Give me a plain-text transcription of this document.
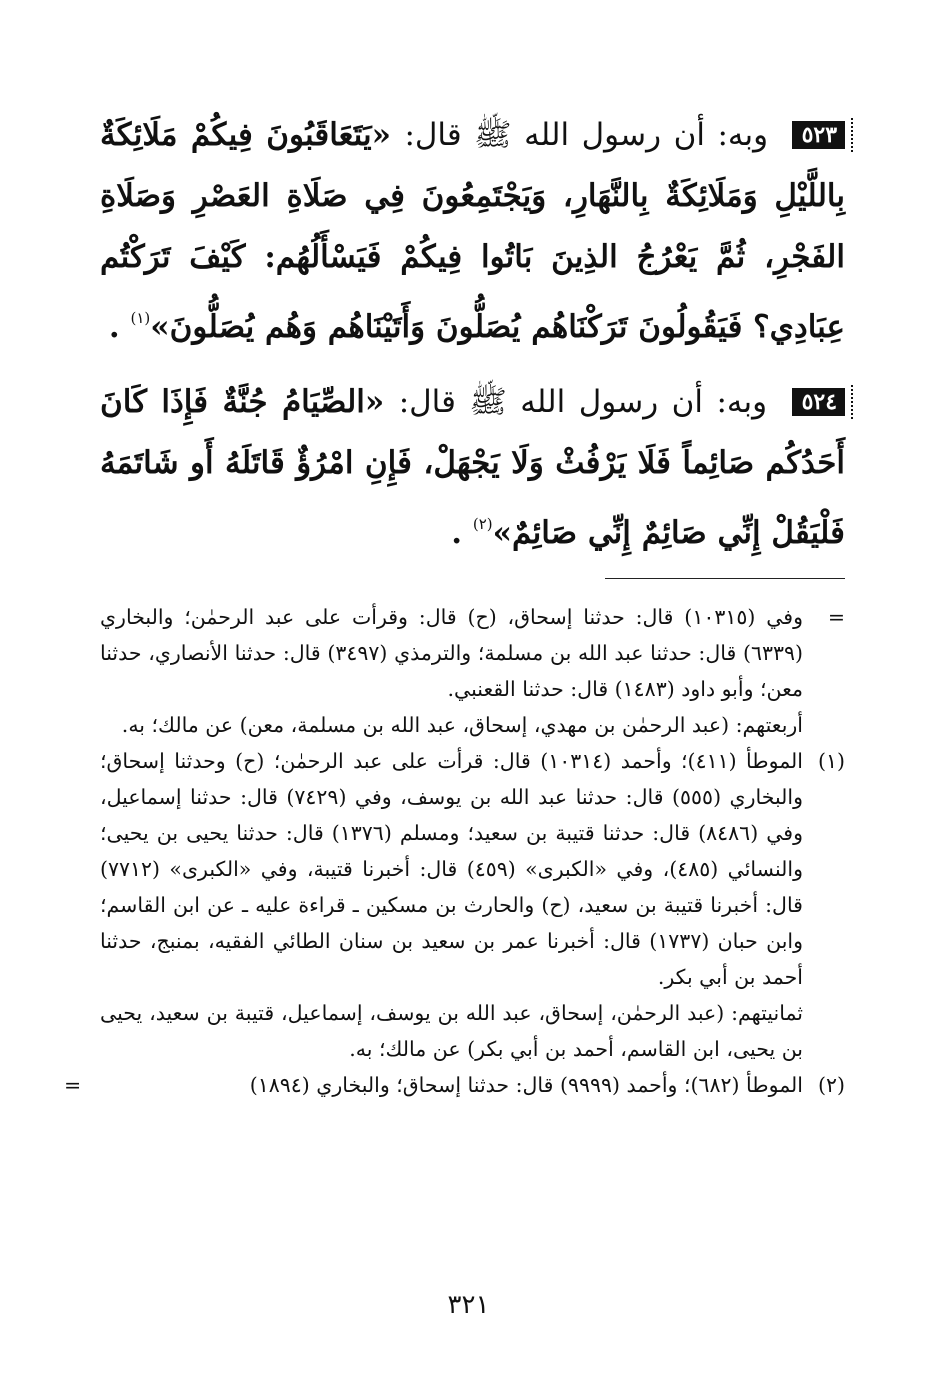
٥٢٣ وبه: أن رسول الله ﷺ قال: «يَتَعَاقَبُونَ فِيكُمْ مَلَائِكَةٌ بِاللَّيْلِ وَمَلَائِكَةٌ بِالنَّهَارِ، وَيَجْتَمِعُونَ فِي صَلَاةِ العَصْرِ وَصَلَاةِ الفَجْرِ، ثُمَّ يَعْرُجُ الذِينَ بَاتُوا فِيكُمْ فَيَسْأَلُهُم: كَيْفَ تَرَكْتُم عِبَادِي؟ فَيَقُولُونَ تَرَكْنَاهُم يُصَلُّونَ وَأَتَيْنَاهُم وَهُم يُصَلُّونَ»$^{(١)}$ .

٥٢٤ وبه: أن رسول الله ﷺ قال: «الصِّيَامُ جُنَّةٌ فَإِذَا كَانَ أَحَدُكُم صَائِماً فَلَا يَرْفُثْ وَلَا يَجْهَلْ، فَإِنِ امْرُؤٌ قَاتَلَهُ أَو شَاتَمَهُ فَلْيَقُلْ إِنِّي صَائِمٌ إِنِّي صَائِمٌ»$^{(٢)}$ .

=

وفي (١٠٣١٥) قال: حدثنا إسحاق، (ح) قال: وقرأت على عبد الرحمٰن؛ والبخاري (٦٣٣٩) قال: حدثنا عبد الله بن مسلمة؛ والترمذي (٣٤٩٧) قال: حدثنا الأنصاري، حدثنا معن؛ وأبو داود (١٤٨٣) قال: حدثنا القعنبي.

أربعتهم: (عبد الرحمٰن بن مهدي، إسحاق، عبد الله بن مسلمة، معن) عن مالك؛ به.

(١)

الموطأ (٤١١)؛ وأحمد (١٠٣١٤) قال: قرأت على عبد الرحمٰن؛ (ح) وحدثنا إسحاق؛ والبخاري (٥٥٥) قال: حدثنا عبد الله بن يوسف، وفي (٧٤٢٩) قال: حدثنا إسماعيل، وفي (٨٤٨٦) قال: حدثنا قتيبة بن سعيد؛ ومسلم (١٣٧٦) قال: حدثنا يحيى بن يحيى؛ والنسائي (٤٨٥)، وفي «الكبرى» (٤٥٩) قال: أخبرنا قتيبة، وفي «الكبرى» (٧٧١٢) قال: أخبرنا قتيبة بن سعيد، (ح) والحارث بن مسكين ـ قراءة عليه ـ عن ابن القاسم؛ وابن حبان (١٧٣٧) قال: أخبرنا عمر بن سعيد بن سنان الطائي الفقيه، بمنبج، حدثنا أحمد بن أبي بكر.

ثمانيتهم: (عبد الرحمٰن، إسحاق، عبد الله بن يوسف، إسماعيل، قتيبة بن سعيد، يحيى بن يحيى، ابن القاسم، أحمد بن أبي بكر) عن مالك؛ به.

(٢)

الموطأ (٦٨٢)؛ وأحمد (٩٩٩٩) قال: حدثنا إسحاق؛ والبخاري (١٨٩٤)

=
٣٢١
